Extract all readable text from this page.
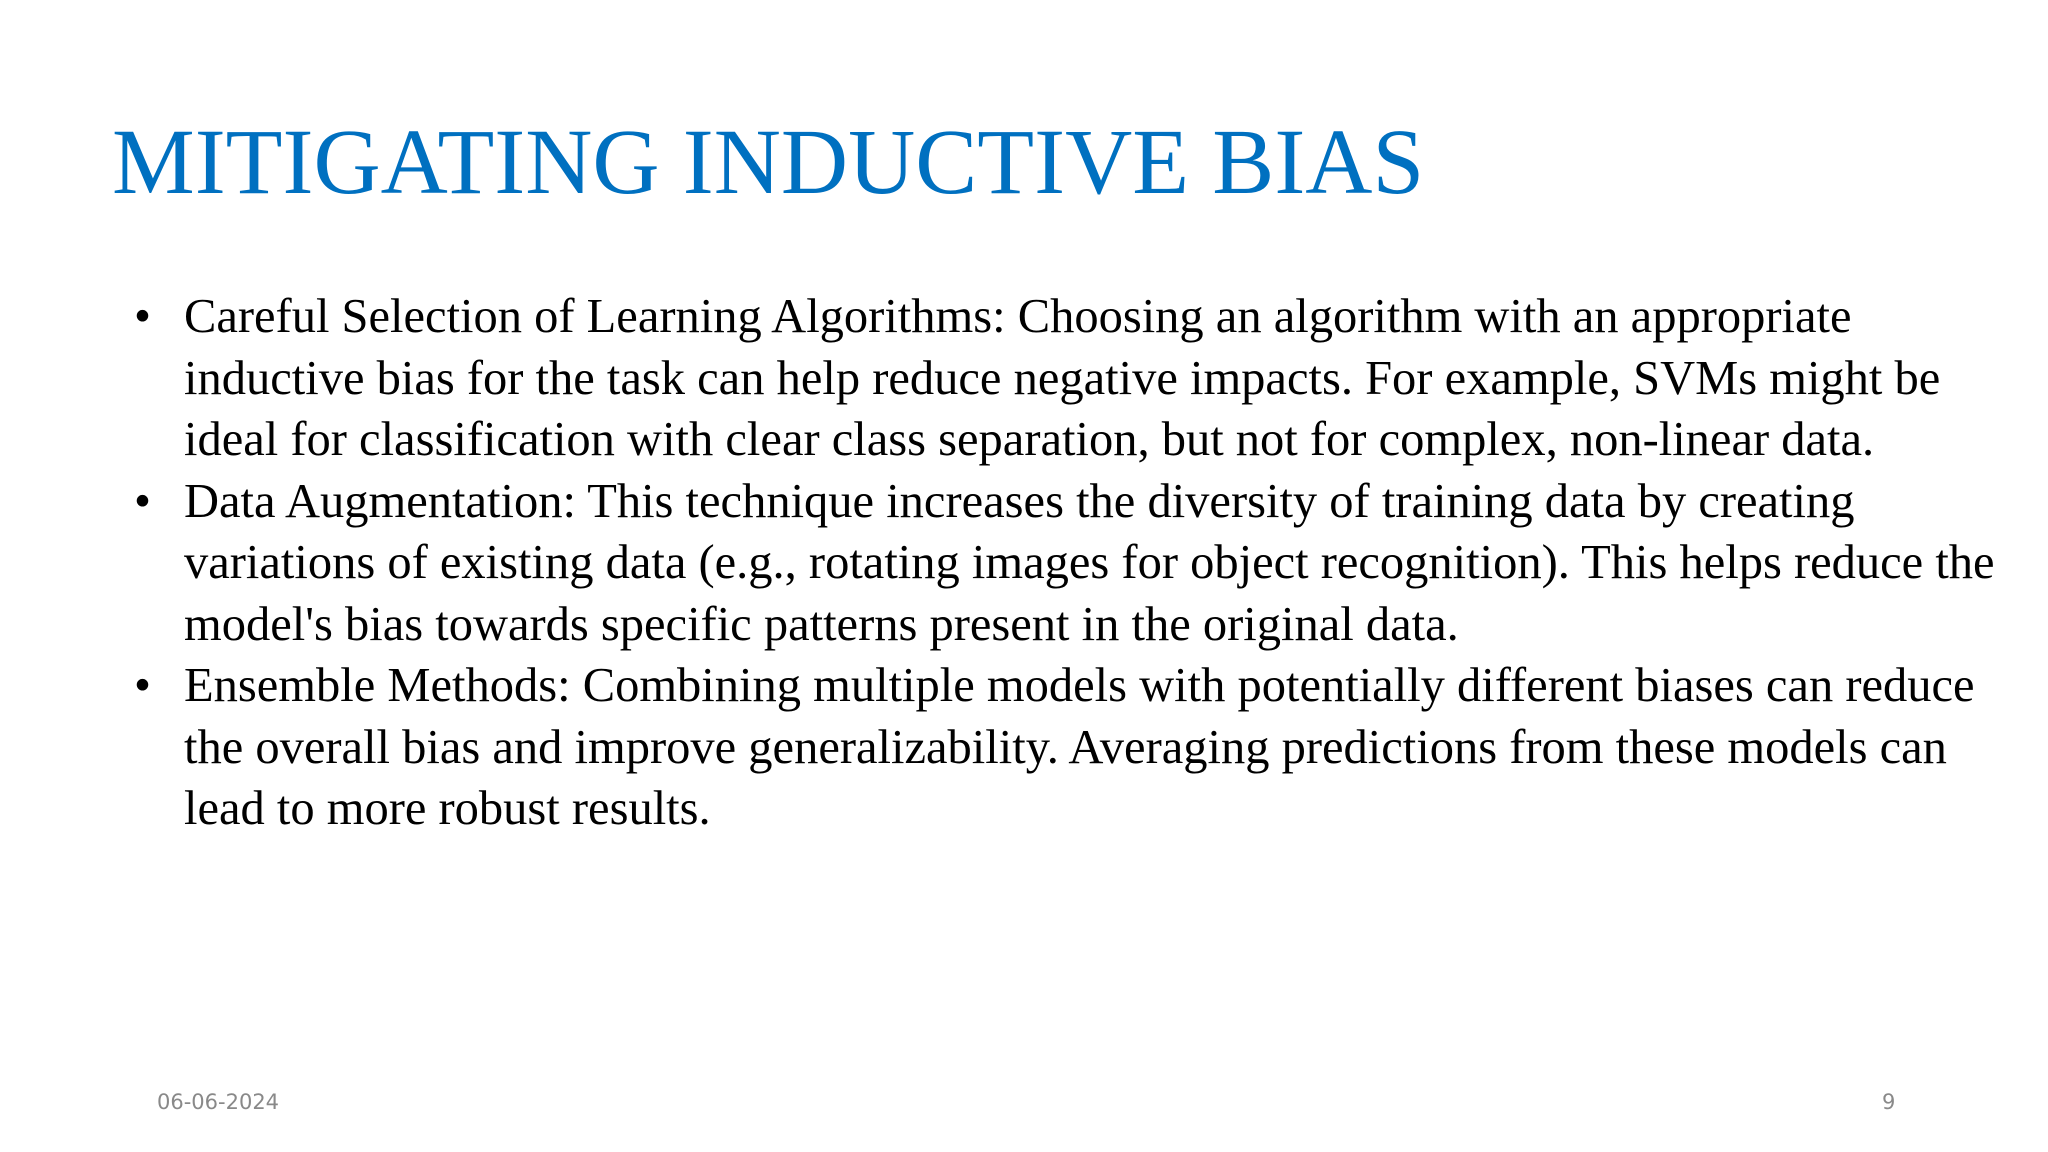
MITIGATING INDUCTIVE BIAS
• Careful Selection of Learning Algorithms: Choosing an algorithm with an appropriate inductive bias for the task can help reduce negative impacts. For example, SVMs might be ideal for classification with clear class separation, but not for complex, non-linear data.
• Data Augmentation: This technique increases the diversity of training data by creating variations of existing data (e.g., rotating images for object recognition). This helps reduce the model's bias towards specific patterns present in the original data.
• Ensemble Methods: Combining multiple models with potentially different biases can reduce the overall bias and improve generalizability. Averaging predictions from these models can lead to more robust results.
06-06-2024	9
